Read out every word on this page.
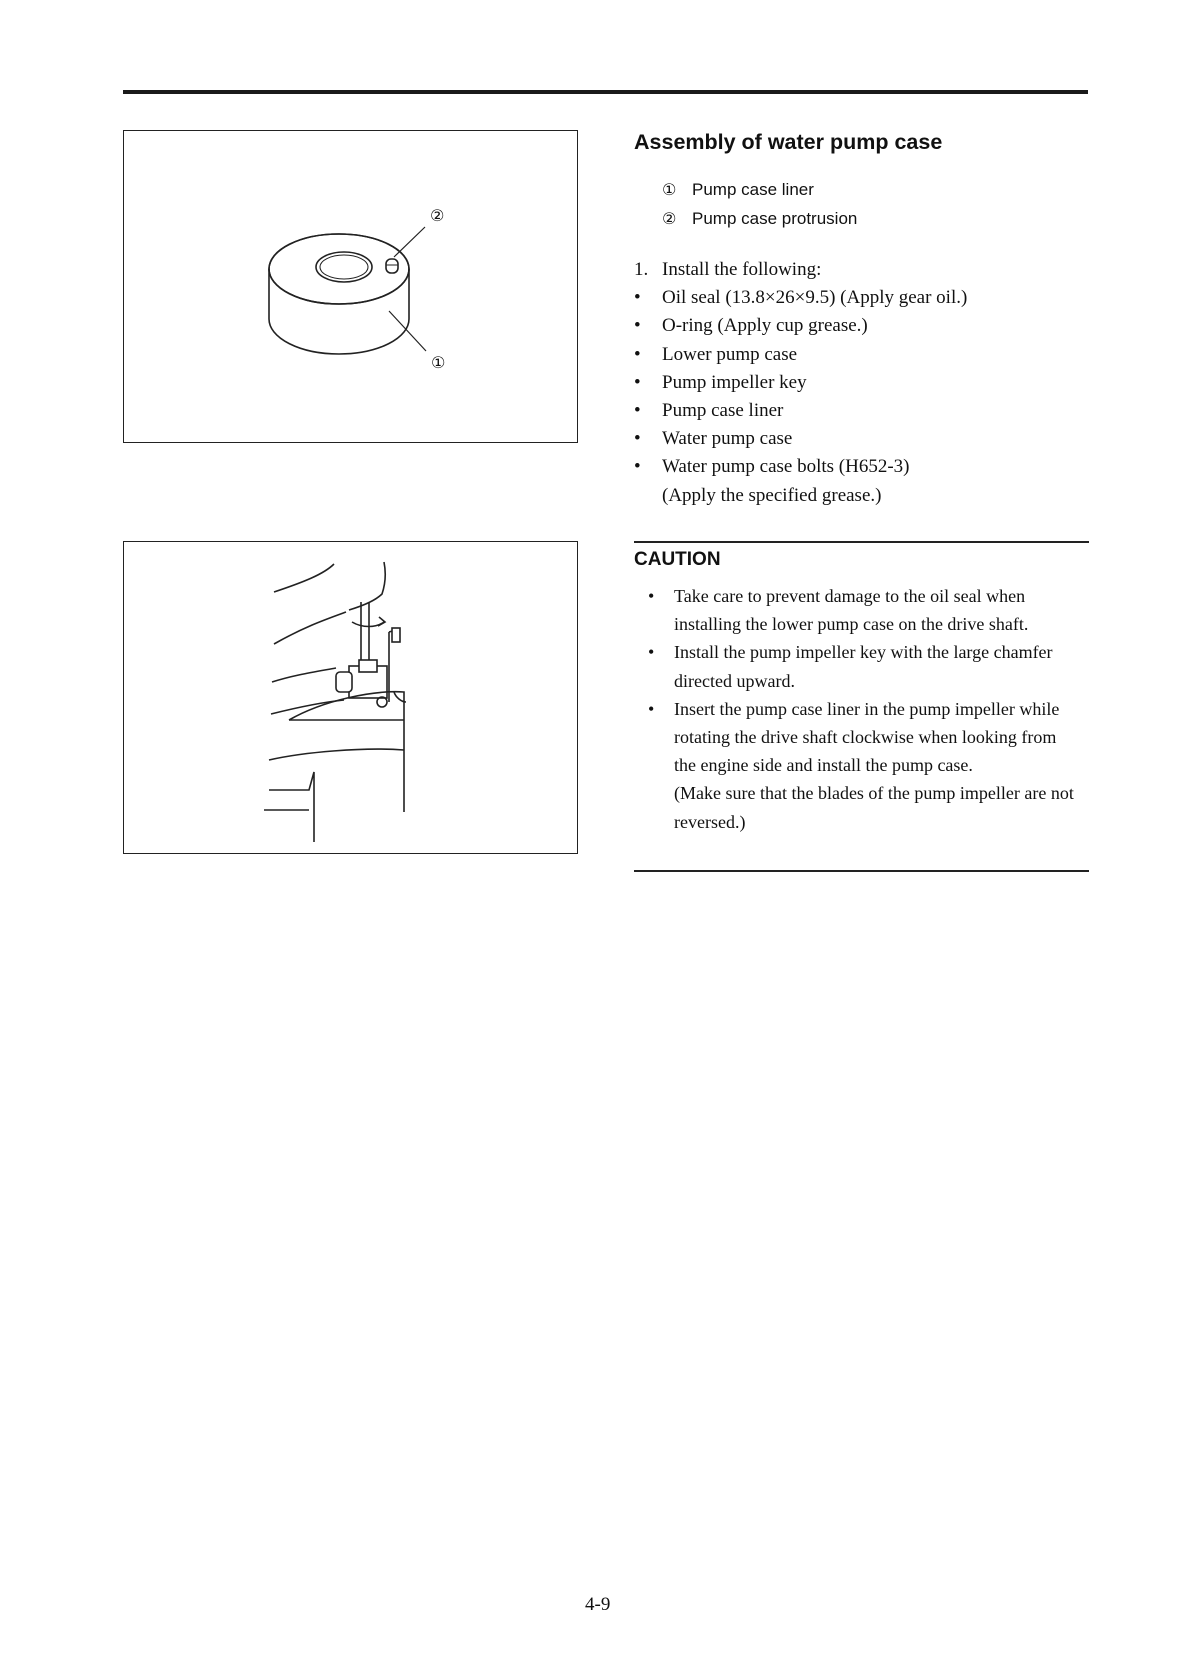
②
①
Assembly of water pump case
① Pump case liner
② Pump case protrusion
1. Install the following:
• Oil seal (13.8×26×9.5) (Apply gear oil.)
• O-ring (Apply cup grease.)
• Lower pump case
• Pump impeller key
• Pump case liner
• Water pump case
• Water pump case bolts (H652-3)
(Apply the specified grease.)
CAUTION
• Take care to prevent damage to the oil seal when installing the lower pump case on the drive shaft.
• Install the pump impeller key with the large chamfer directed upward.
• Insert the pump case liner in the pump impeller while rotating the drive shaft clockwise when looking from the engine side and install the pump case.
(Make sure that the blades of the pump impeller are not reversed.)
4-9
